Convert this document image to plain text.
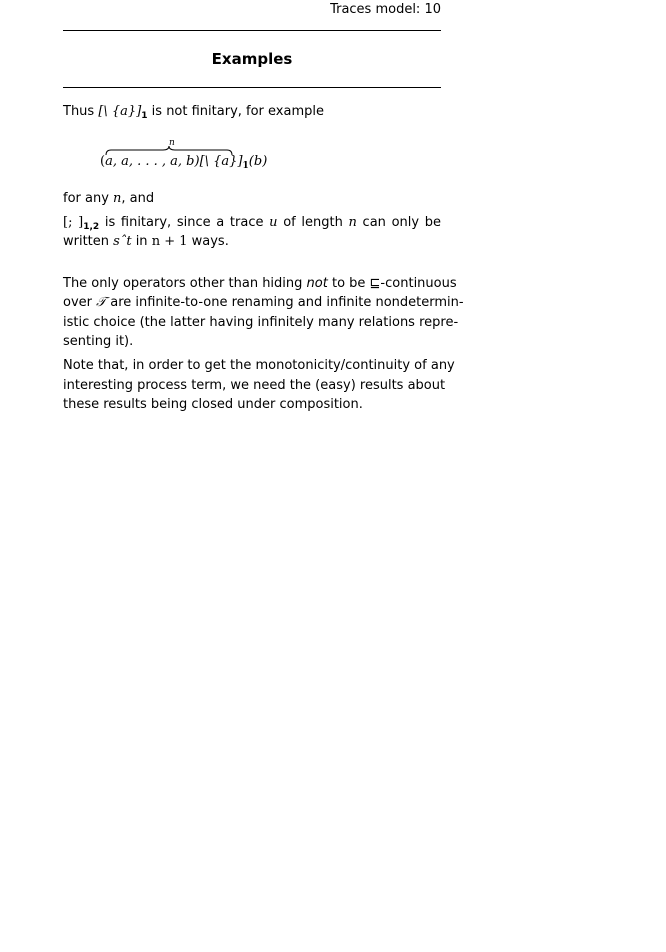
Traces model: 10
Examples
Thus [\ $\{a\}]_1$ is not finitary, for example
n
(a, a, . . . , a, b)[\ $\{a\}]_1(b)$
for any n, and
[; ]$_{1,2}$ is finitary, since a trace u of length n can only be
written sˆt in n + 1 ways.
The only operators other than hiding not to be ⊑-continuous
over 𝒯 are infinite-to-one renaming and infinite nondetermin-
istic choice (the latter having infinitely many relations repre-
senting it).
Note that, in order to get the monotonicity/continuity of any
interesting process term, we need the (easy) results about
these results being closed under composition.
